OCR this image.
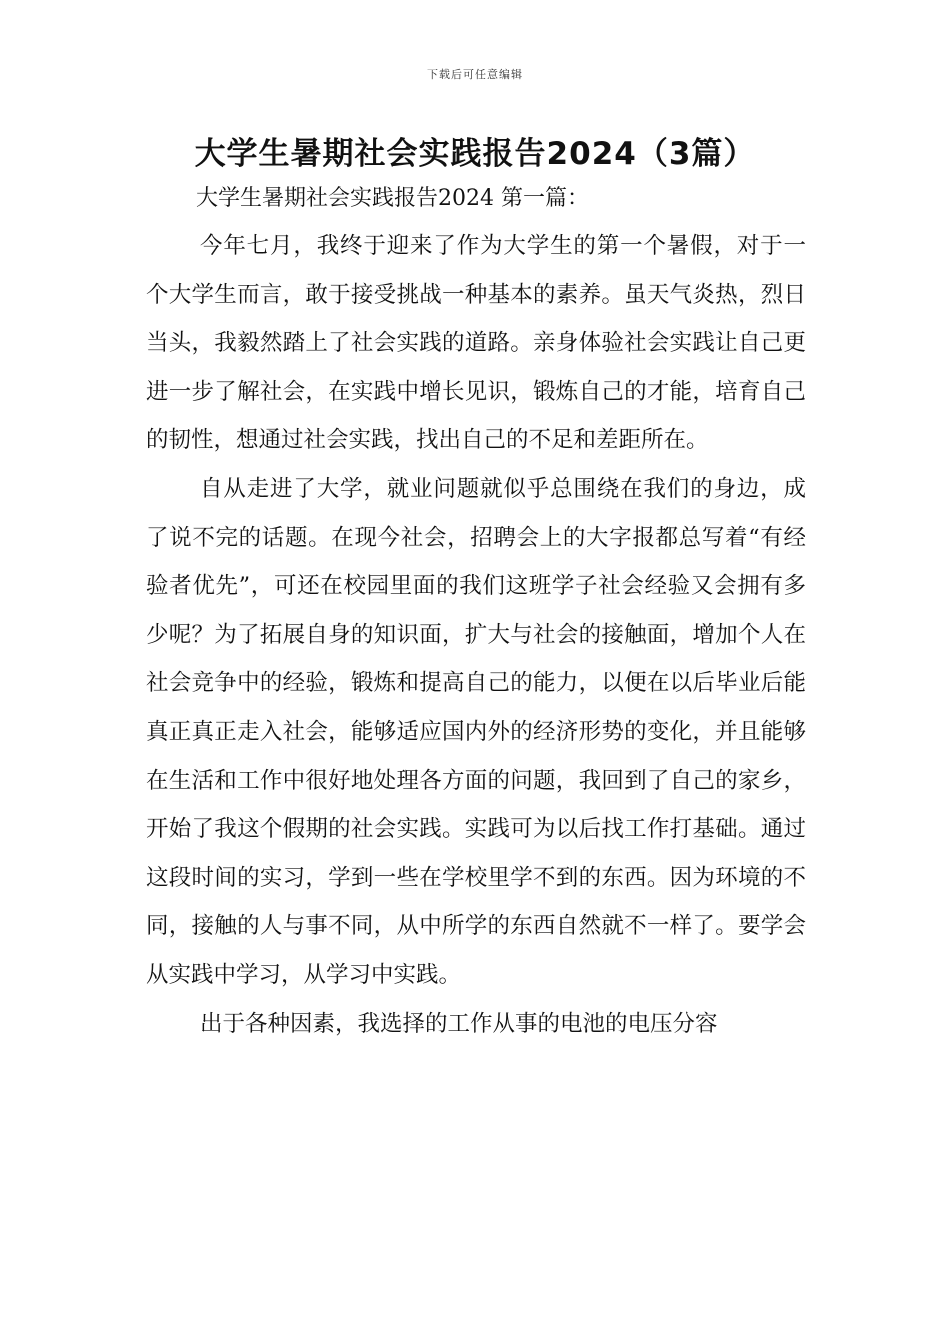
下载后可任意编辑
大学生暑期社会实践报告2024（3篇）

大学生暑期社会实践报告2024 第一篇：

今年七月，我终于迎来了作为大学生的第一个暑假，对于一个大学生而言，敢于接受挑战一种基本的素养。虽天气炎热，烈日当头，我毅然踏上了社会实践的道路。亲身体验社会实践让自己更进一步了解社会，在实践中增长见识，锻炼自己的才能，培育自己的韧性，想通过社会实践，找出自己的不足和差距所在。

自从走进了大学，就业问题就似乎总围绕在我们的身边，成了说不完的话题。在现今社会，招聘会上的大字报都总写着“有经验者优先”，可还在校园里面的我们这班学子社会经验又会拥有多少呢？为了拓展自身的知识面，扩大与社会的接触面，增加个人在社会竞争中的经验，锻炼和提高自己的能力，以便在以后毕业后能真正真正走入社会，能够适应国内外的经济形势的变化，并且能够在生活和工作中很好地处理各方面的问题，我回到了自己的家乡，开始了我这个假期的社会实践。实践可为以后找工作打基础。通过这段时间的实习，学到一些在学校里学不到的东西。因为环境的不同，接触的人与事不同，从中所学的东西自然就不一样了。要学会从实践中学习，从学习中实践。

出于各种因素，我选择的工作从事的电池的电压分容
